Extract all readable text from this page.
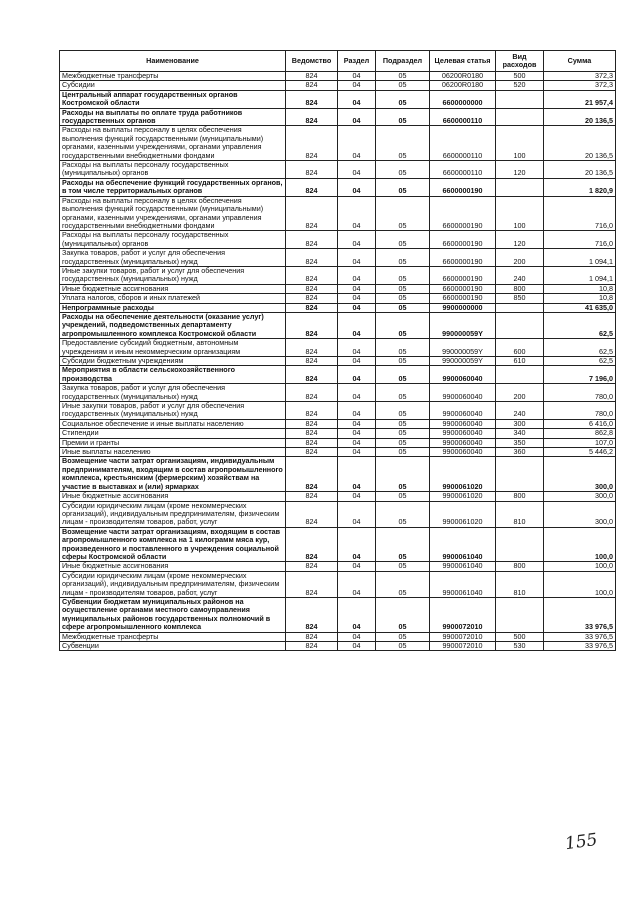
Наименование	Ведомство	Раздел	Подраздел	Целевая статья	Вид расходов	Сумма
Межбюджетные трансферты	824	04	05	06200R0180	500	372,3
Субсидии	824	04	05	06200R0180	520	372,3
Центральный аппарат государственных органов Костромской области	824	04	05	6600000000		21 957,4
Расходы на выплаты по оплате труда работников государственных органов	824	04	05	6600000110		20 136,5
Расходы на выплаты персоналу в целях обеспечения выполнения функций государственными (муниципальными) органами, казенными учреждениями, органами управления государственными внебюджетными фондами	824	04	05	6600000110	100	20 136,5
Расходы на выплаты персоналу государственных (муниципальных) органов	824	04	05	6600000110	120	20 136,5
Расходы на обеспечение функций государственных органов, в том числе территориальных органов	824	04	05	6600000190		1 820,9
Расходы на выплаты персоналу в целях обеспечения выполнения функций государственными (муниципальными) органами, казенными учреждениями, органами управления государственными внебюджетными фондами	824	04	05	6600000190	100	716,0
Расходы на выплаты персоналу государственных (муниципальных) органов	824	04	05	6600000190	120	716,0
Закупка товаров, работ и услуг для обеспечения государственных (муниципальных) нужд	824	04	05	6600000190	200	1 094,1
Иные закупки товаров, работ и услуг для обеспечения государственных (муниципальных) нужд	824	04	05	6600000190	240	1 094,1
Иные бюджетные ассигнования	824	04	05	6600000190	800	10,8
Уплата налогов, сборов и иных платежей	824	04	05	6600000190	850	10,8
Непрограммные расходы	824	04	05	9900000000		41 635,0
Расходы на обеспечение деятельности (оказание услуг) учреждений, подведомственных департаменту агропромышленного комплекса Костромской области	824	04	05	990000059Y		62,5
Предоставление субсидий бюджетным, автономным учреждениям и иным некоммерческим организациям	824	04	05	990000059Y	600	62,5
Субсидии бюджетным учреждениям	824	04	05	990000059Y	610	62,5
Мероприятия в области сельскохозяйственного производства	824	04	05	9900060040		7 196,0
Закупка товаров, работ и услуг для обеспечения государственных (муниципальных) нужд	824	04	05	9900060040	200	780,0
Иные закупки товаров, работ и услуг для обеспечения государственных (муниципальных) нужд	824	04	05	9900060040	240	780,0
Социальное обеспечение и иные выплаты населению	824	04	05	9900060040	300	6 416,0
Стипендии	824	04	05	9900060040	340	862,8
Премии и гранты	824	04	05	9900060040	350	107,0
Иные выплаты населению	824	04	05	9900060040	360	5 446,2
Возмещение части затрат организациям, индивидуальным предпринимателям, входящим в состав агропромышленного комплекса, крестьянским (фермерским) хозяйствам на участие в выставках и (или) ярмарках	824	04	05	9900061020		300,0
Иные бюджетные ассигнования	824	04	05	9900061020	800	300,0
Субсидии юридическим лицам (кроме некоммерческих организаций), индивидуальным предпринимателям, физическим лицам - производителям товаров, работ, услуг	824	04	05	9900061020	810	300,0
Возмещение части затрат организациям, входящим в состав агропромышленного комплекса на 1 килограмм мяса кур, произведенного и поставленного в учреждения социальной сферы Костромской области	824	04	05	9900061040		100,0
Иные бюджетные ассигнования	824	04	05	9900061040	800	100,0
Субсидии юридическим лицам (кроме некоммерческих организаций), индивидуальным предпринимателям, физическим лицам - производителям товаров, работ, услуг	824	04	05	9900061040	810	100,0
Субвенции бюджетам муниципальных районов на осуществление органами местного самоуправления муниципальных районов государственных полномочий в сфере агропромышленного комплекса	824	04	05	9900072010		33 976,5
Межбюджетные трансферты	824	04	05	9900072010	500	33 976,5
Субвенции	824	04	05	9900072010	530	33 976,5
155
